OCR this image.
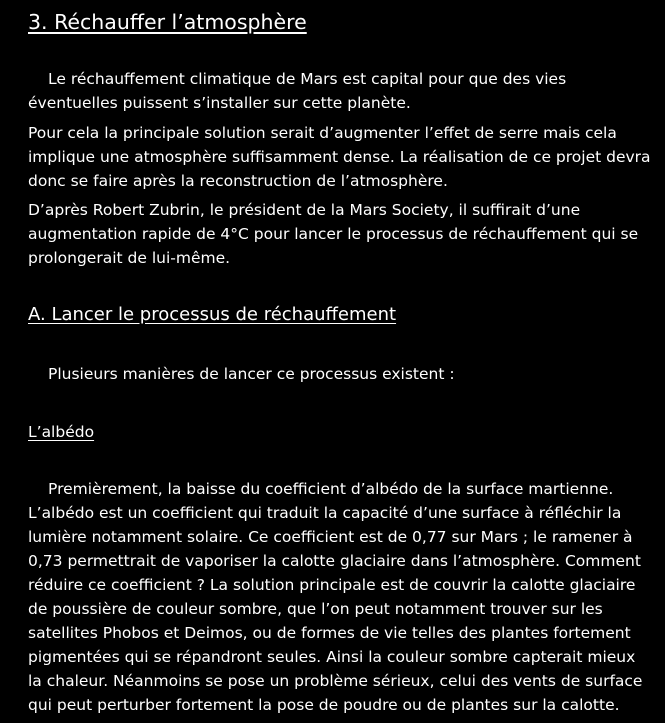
3. Réchauffer l’atmosphère
Le réchauffement climatique de Mars est capital pour que des vies
éventuelles puissent s’installer sur cette planète.
Pour cela la principale solution serait d’augmenter l’effet de serre mais cela
implique une atmosphère suffisamment dense. La réalisation de ce projet devra
donc se faire après la reconstruction de l’atmosphère.
D’après Robert Zubrin, le président de la Mars Society, il suffirait d’une
augmentation rapide de 4°C pour lancer le processus de réchauffement qui se
prolongerait de lui-même.
A. Lancer le processus de réchauffement
Plusieurs manières de lancer ce processus existent :
L’albédo
Premièrement, la baisse du coefficient d’albédo de la surface martienne.
L’albédo est un coefficient qui traduit la capacité d’une surface à réfléchir la
lumière notamment solaire. Ce coefficient est de 0,77 sur Mars ; le ramener à
0,73 permettrait de vaporiser la calotte glaciaire dans l’atmosphère. Comment
réduire ce coefficient ? La solution principale est de couvrir la calotte glaciaire
de poussière de couleur sombre, que l’on peut notamment trouver sur les
satellites Phobos et Deimos, ou de formes de vie telles des plantes fortement
pigmentées qui se répandront seules. Ainsi la couleur sombre capterait mieux
la chaleur. Néanmoins se pose un problème sérieux, celui des vents de surface
qui peut perturber fortement la pose de poudre ou de plantes sur la calotte.
